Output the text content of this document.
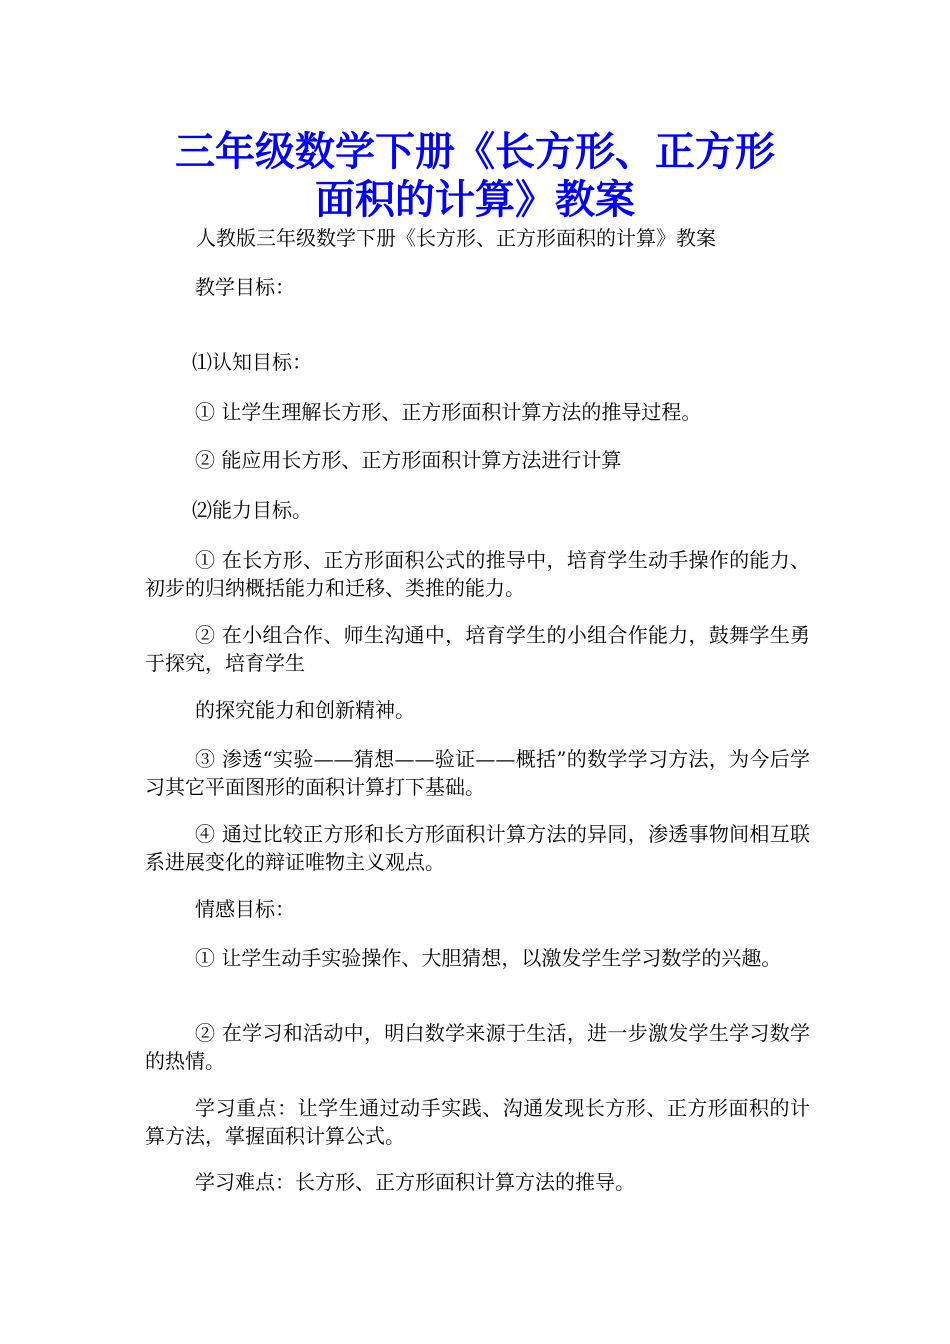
三年级数学下册《长方形、正方形
面积的计算》教案

人教版三年级数学下册《长方形、正方形面积的计算》教案

教学目标：

⑴认知目标：

① 让学生理解长方形、正方形面积计算方法的推导过程。

② 能应用长方形、正方形面积计算方法进行计算

⑵能力目标。

① 在长方形、正方形面积公式的推导中，培育学生动手操作的能力、初步的归纳概括能力和迁移、类推的能力。

② 在小组合作、师生沟通中，培育学生的小组合作能力，鼓舞学生勇于探究，培育学生

的探究能力和创新精神。

③ 渗透“实验——猜想——验证——概括”的数学学习方法，为今后学习其它平面图形的面积计算打下基础。

④ 通过比较正方形和长方形面积计算方法的异同，渗透事物间相互联系进展变化的辩证唯物主义观点。

情感目标：

① 让学生动手实验操作、大胆猜想，以激发学生学习数学的兴趣。

② 在学习和活动中，明白数学来源于生活，进一步激发学生学习数学的热情。

学习重点：让学生通过动手实践、沟通发现长方形、正方形面积的计算方法，掌握面积计算公式。

学习难点：长方形、正方形面积计算方法的推导。
